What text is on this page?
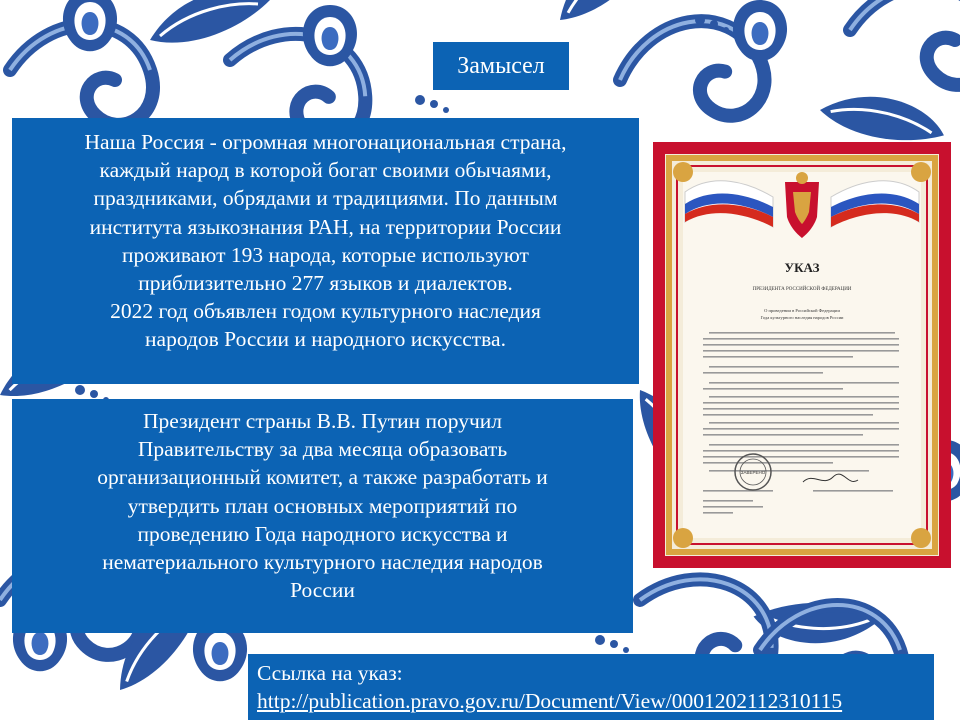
Замысел
Наша Россия - огромная многонациональная страна,
каждый народ в которой богат своими обычаями,
праздниками, обрядами и традициями. По данным
института языкознания РАН, на территории России
проживают 193 народа, которые используют
приблизительно 277 языков и диалектов.
2022 год объявлен годом культурного наследия
народов России и народного искусства.
Президент страны В.В. Путин поручил
Правительству за два месяца образовать
организационный комитет, а также разработать и
утвердить план основных мероприятий по
проведению Года народного искусства и
нематериального культурного наследия народов
России
Ссылка на указ:
http://publication.pravo.gov.ru/Document/View/0001202112310115
УКАЗ
ПРЕЗИДЕНТА РОССИЙСКОЙ ФЕДЕРАЦИИ
О проведении в Российской Федерации
Года культурного наследия народов России
ЗАВЕРЕНО
